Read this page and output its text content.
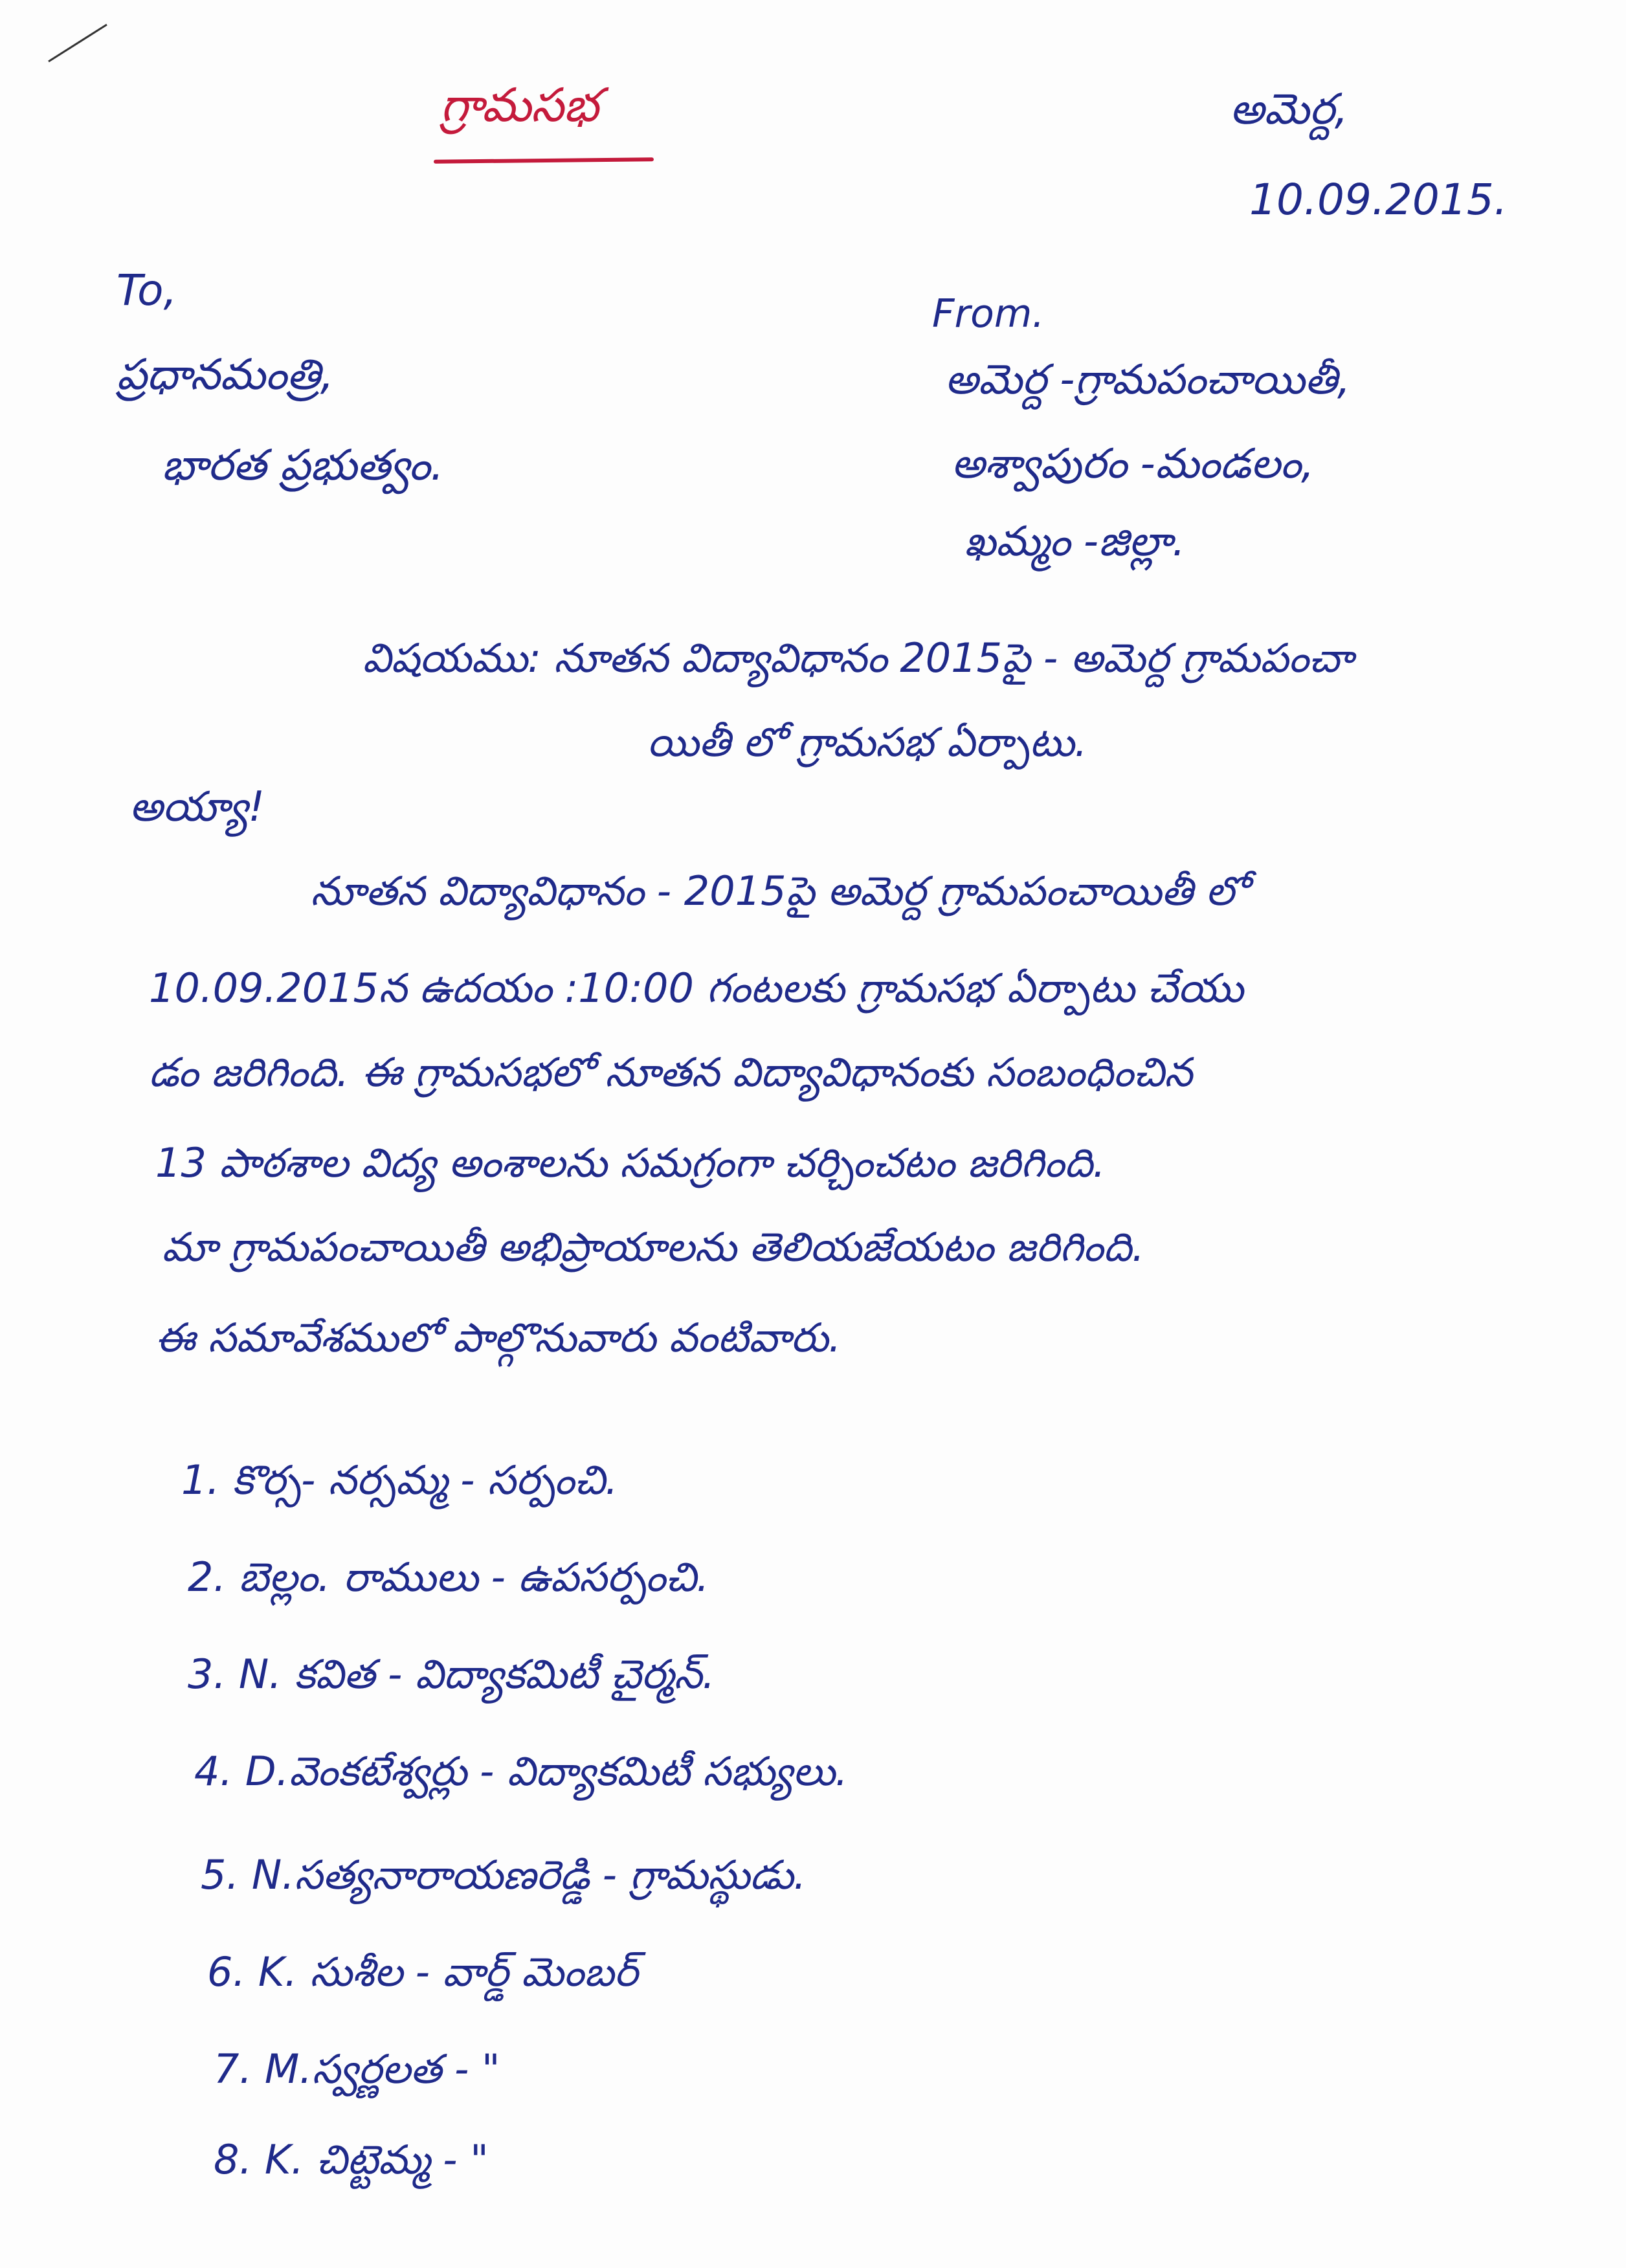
గ్రామసభ	అమెర్ద,
10.09.2015.
To,
ప్రధానమంత్రి,
భారత ప్రభుత్వం.
From.
అమెర్ద -గ్రామపంచాయితీ,
అశ్వాపురం -మండలం,
ఖమ్మం -జిల్లా.
విషయము: నూతన విద్యావిధానం 2015పై - అమెర్ద గ్రామపంచా
యితీ లో గ్రామసభ ఏర్పాటు.
అయ్యా!
నూతన విద్యావిధానం - 2015పై అమెర్ద గ్రామపంచాయితీ లో
10.09.2015న ఉదయం :10:00 గంటలకు గ్రామసభ ఏర్పాటు చేయు
డం జరిగింది. ఈ గ్రామసభలో నూతన విద్యావిధానంకు సంబంధించిన
13 పాఠశాల విద్య అంశాలను సమగ్రంగా చర్చించటం జరిగింది.
మా గ్రామపంచాయితీ అభిప్రాయాలను తెలియజేయటం జరిగింది.
ఈ సమావేశములో పాల్గొనువారు వంటివారు.
1. కొర్స- నర్సమ్మ - సర్పంచి.
2. బెల్లం. రాములు - ఉపసర్పంచి.
3. N. కవిత - విద్యాకమిటీ చైర్మన్.
4. D.వెంకటేశ్వర్లు - విద్యాకమిటీ సభ్యులు.
5. N.సత్యనారాయణరెడ్డి - గ్రామస్థుడు.
6. K. సుశీల - వార్డ్ మెంబర్
7. M.స్వర్ణలత - "
8. K. చిట్టెమ్మ - "
